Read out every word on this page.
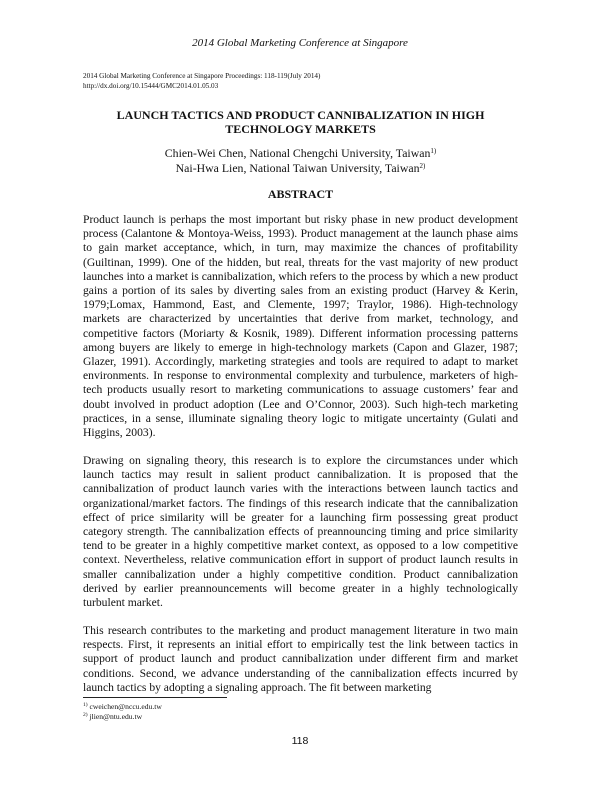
2014 Global Marketing Conference at Singapore
2014 Global Marketing Conference at Singapore Proceedings: 118-119(July 2014)
http://dx.doi.org/10.15444/GMC2014.01.05.03
LAUNCH TACTICS AND PRODUCT CANNIBALIZATION IN HIGH TECHNOLOGY MARKETS
Chien-Wei Chen, National Chengchi University, Taiwan$^{1)}$
Nai-Hwa Lien, National Taiwan University, Taiwan$^{2)}$
ABSTRACT

Product launch is perhaps the most important but risky phase in new product development process (Calantone & Montoya-Weiss, 1993). Product management at the launch phase aims to gain market acceptance, which, in turn, may maximize the chances of profitability (Guiltinan, 1999). One of the hidden, but real, threats for the vast majority of new product launches into a market is cannibalization, which refers to the process by which a new product gains a portion of its sales by diverting sales from an existing product (Harvey & Kerin, 1979;Lomax, Hammond, East, and Clemente, 1997; Traylor, 1986). High-technology markets are characterized by uncertainties that derive from market, technology, and competitive factors (Moriarty & Kosnik, 1989). Different information processing patterns among buyers are likely to emerge in high-technology markets (Capon and Glazer, 1987; Glazer, 1991). Accordingly, marketing strategies and tools are required to adapt to market environments. In response to environmental complexity and turbulence, marketers of high-tech products usually resort to marketing communications to assuage customers’ fear and doubt involved in product adoption (Lee and O’Connor, 2003). Such high-tech marketing practices, in a sense, illuminate signaling theory logic to mitigate uncertainty (Gulati and Higgins, 2003).

Drawing on signaling theory, this research is to explore the circumstances under which launch tactics may result in salient product cannibalization. It is proposed that the cannibalization of product launch varies with the interactions between launch tactics and organizational/market factors. The findings of this research indicate that the cannibalization effect of price similarity will be greater for a launching firm possessing great product category strength. The cannibalization effects of preannouncing timing and price similarity tend to be greater in a highly competitive market context, as opposed to a low competitive context. Nevertheless, relative communication effort in support of product launch results in smaller cannibalization under a highly competitive condition. Product cannibalization derived by earlier preannouncements will become greater in a highly technologically turbulent market.

This research contributes to the marketing and product management literature in two main respects. First, it represents an initial effort to empirically test the link between tactics in support of product launch and product cannibalization under different firm and market conditions. Second, we advance understanding of the cannibalization effects incurred by launch tactics by adopting a signaling approach. The fit between marketing

$^{1)}$ cweichen@nccu.edu.tw
$^{2)}$ jlien@ntu.edu.tw
118
